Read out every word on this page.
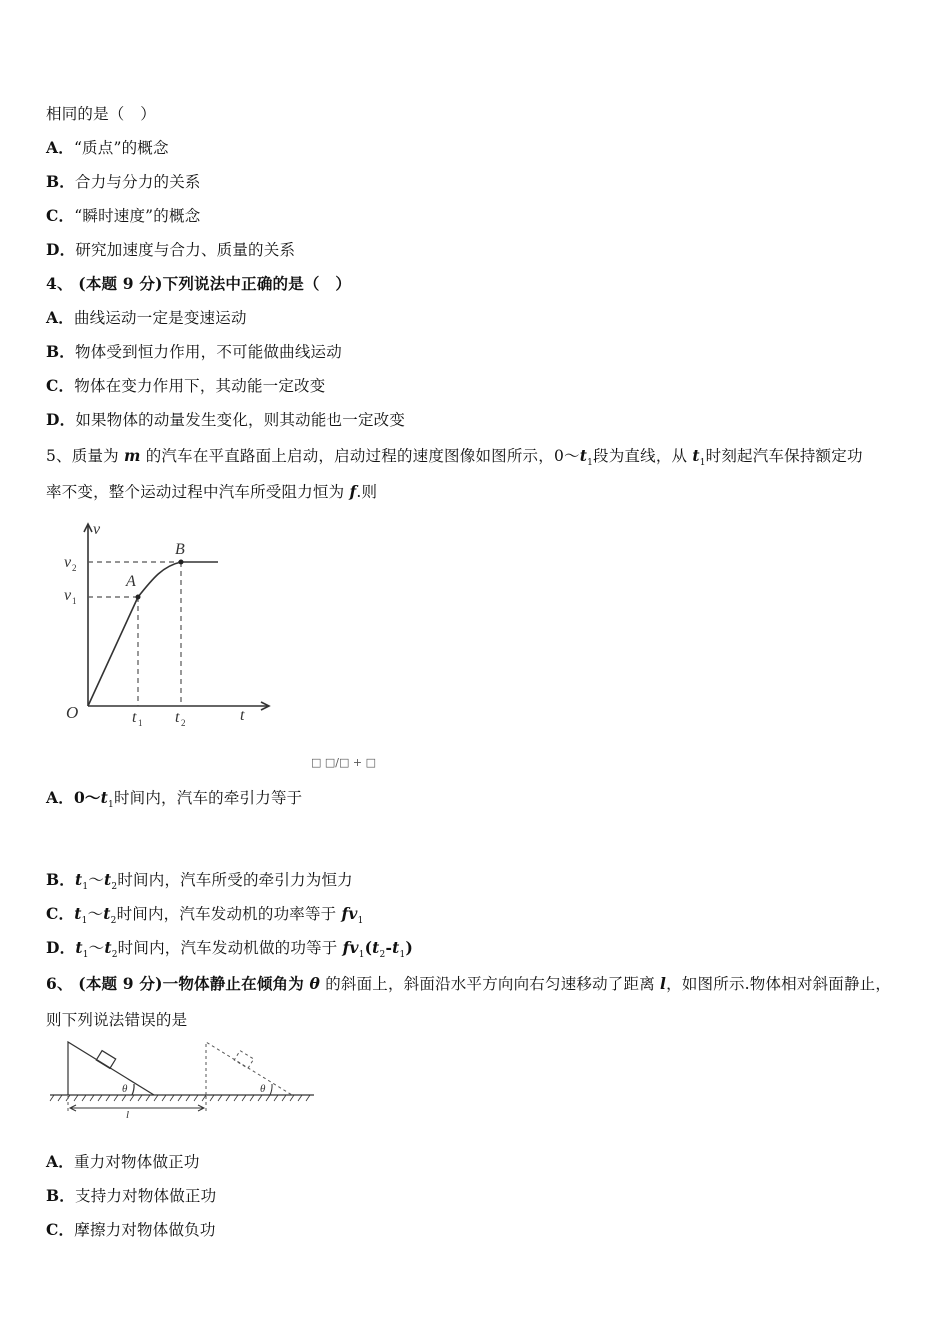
相同的是（　）
A．“质点”的概念
B．合力与分力的关系
C．“瞬时速度”的概念
D．研究加速度与合力、质量的关系
4、 (本题 9 分)下列说法中正确的是（　）
A．曲线运动一定是变速运动
B．物体受到恒力作用，不可能做曲线运动
C．物体在变力作用下，其动能一定改变
D．如果物体的动量发生变化，则其动能也一定改变
5、质量为 m 的汽车在平直路面上启动，启动过程的速度图像如图所示，$0\sim t_1$段为直线，从 $t_1$时刻起汽车保持额定功
率不变，整个运动过程中汽车所受阻力恒为 f.则
v
t
O
A
B
v 2
v 1
t 1 t 2
□ □/□ + □
A．$0\sim t_1$时间内，汽车的牵引力等于
B．$t_1\sim t_2$时间内，汽车所受的牵引力为恒力
C．$t_1\sim t_2$时间内，汽车发动机的功率等于 $fv_1$
D．$t_1\sim t_2$时间内，汽车发动机做的功等于 $fv_1(t_2-t_1)$
6、 (本题 9 分)一物体静止在倾角为 θ 的斜面上，斜面沿水平方向向右匀速移动了距离 l，如图所示.物体相对斜面静止，
则下列说法错误的是
θ	θ
l
A．重力对物体做正功
B．支持力对物体做正功
C．摩擦力对物体做负功
